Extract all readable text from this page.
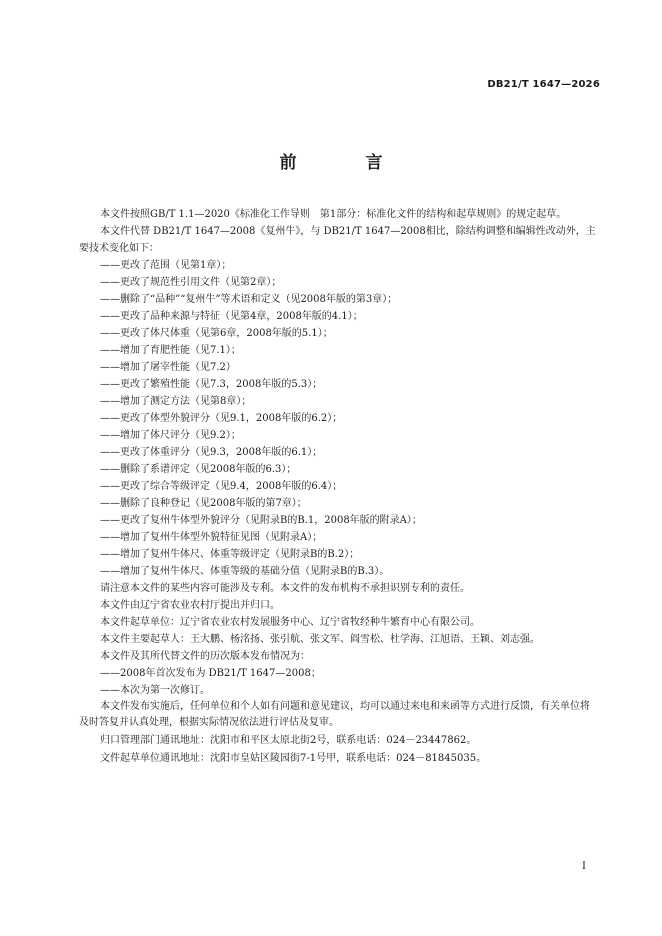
DB21/T 1647—2026
前　言

本文件按照GB/T 1.1—2020《标准化工作导则　第1部分：标准化文件的结构和起草规则》的规定起草。

本文件代替 DB21/T 1647—2008《复州牛》，与 DB21/T 1647—2008相比，除结构调整和编辑性改动外，主要技术变化如下：

——更改了范围（见第1章）；

——更改了规范性引用文件（见第2章）；

——删除了“品种”“复州牛”等术语和定义（见2008年版的第3章）；

——更改了品种来源与特征（见第4章，2008年版的4.1）；

——更改了体尺体重（见第6章，2008年版的5.1）；

——增加了育肥性能（见7.1）；

——增加了屠宰性能（见7.2）

——更改了繁殖性能（见7.3，2008年版的5.3）；

——增加了测定方法（见第8章）；

——更改了体型外貌评分（见9.1，2008年版的6.2）；

——增加了体尺评分（见9.2）；

——更改了体重评分（见9.3，2008年版的6.1）；

——删除了系谱评定（见2008年版的6.3）；

——更改了综合等级评定（见9.4，2008年版的6.4）；

——删除了良种登记（见2008年版的第7章）；

——更改了复州牛体型外貌评分（见附录B的B.1，2008年版的附录A）；

——增加了复州牛体型外貌特征见图（见附录A）；

——增加了复州牛体尺、体重等级评定（见附录B的B.2）；

——增加了复州牛体尺、体重等级的基础分值（见附录B的B.3）。

请注意本文件的某些内容可能涉及专利。本文件的发布机构不承担识别专利的责任。

本文件由辽宁省农业农村厅提出并归口。

本文件起草单位：辽宁省农业农村发展服务中心、辽宁省牧经种牛繁育中心有限公司。

本文件主要起草人：王大鹏、杨洺扬、张引航、张文军、阎雪松、杜学海、江旭语、王颖、刘志强。

本文件及其所代替文件的历次版本发布情况为：

——2008年首次发布为 DB21/T 1647—2008；

——本次为第一次修订。

本文件发布实施后，任何单位和个人如有问题和意见建议，均可以通过来电和来函等方式进行反馈，有关单位将及时答复并认真处理，根据实际情况依法进行评估及复审。

归口管理部门通讯地址：沈阳市和平区太原北街2号，联系电话：024－23447862。

文件起草单位通讯地址：沈阳市皇姑区陵园街7-1号甲，联系电话：024－81845035。

I
